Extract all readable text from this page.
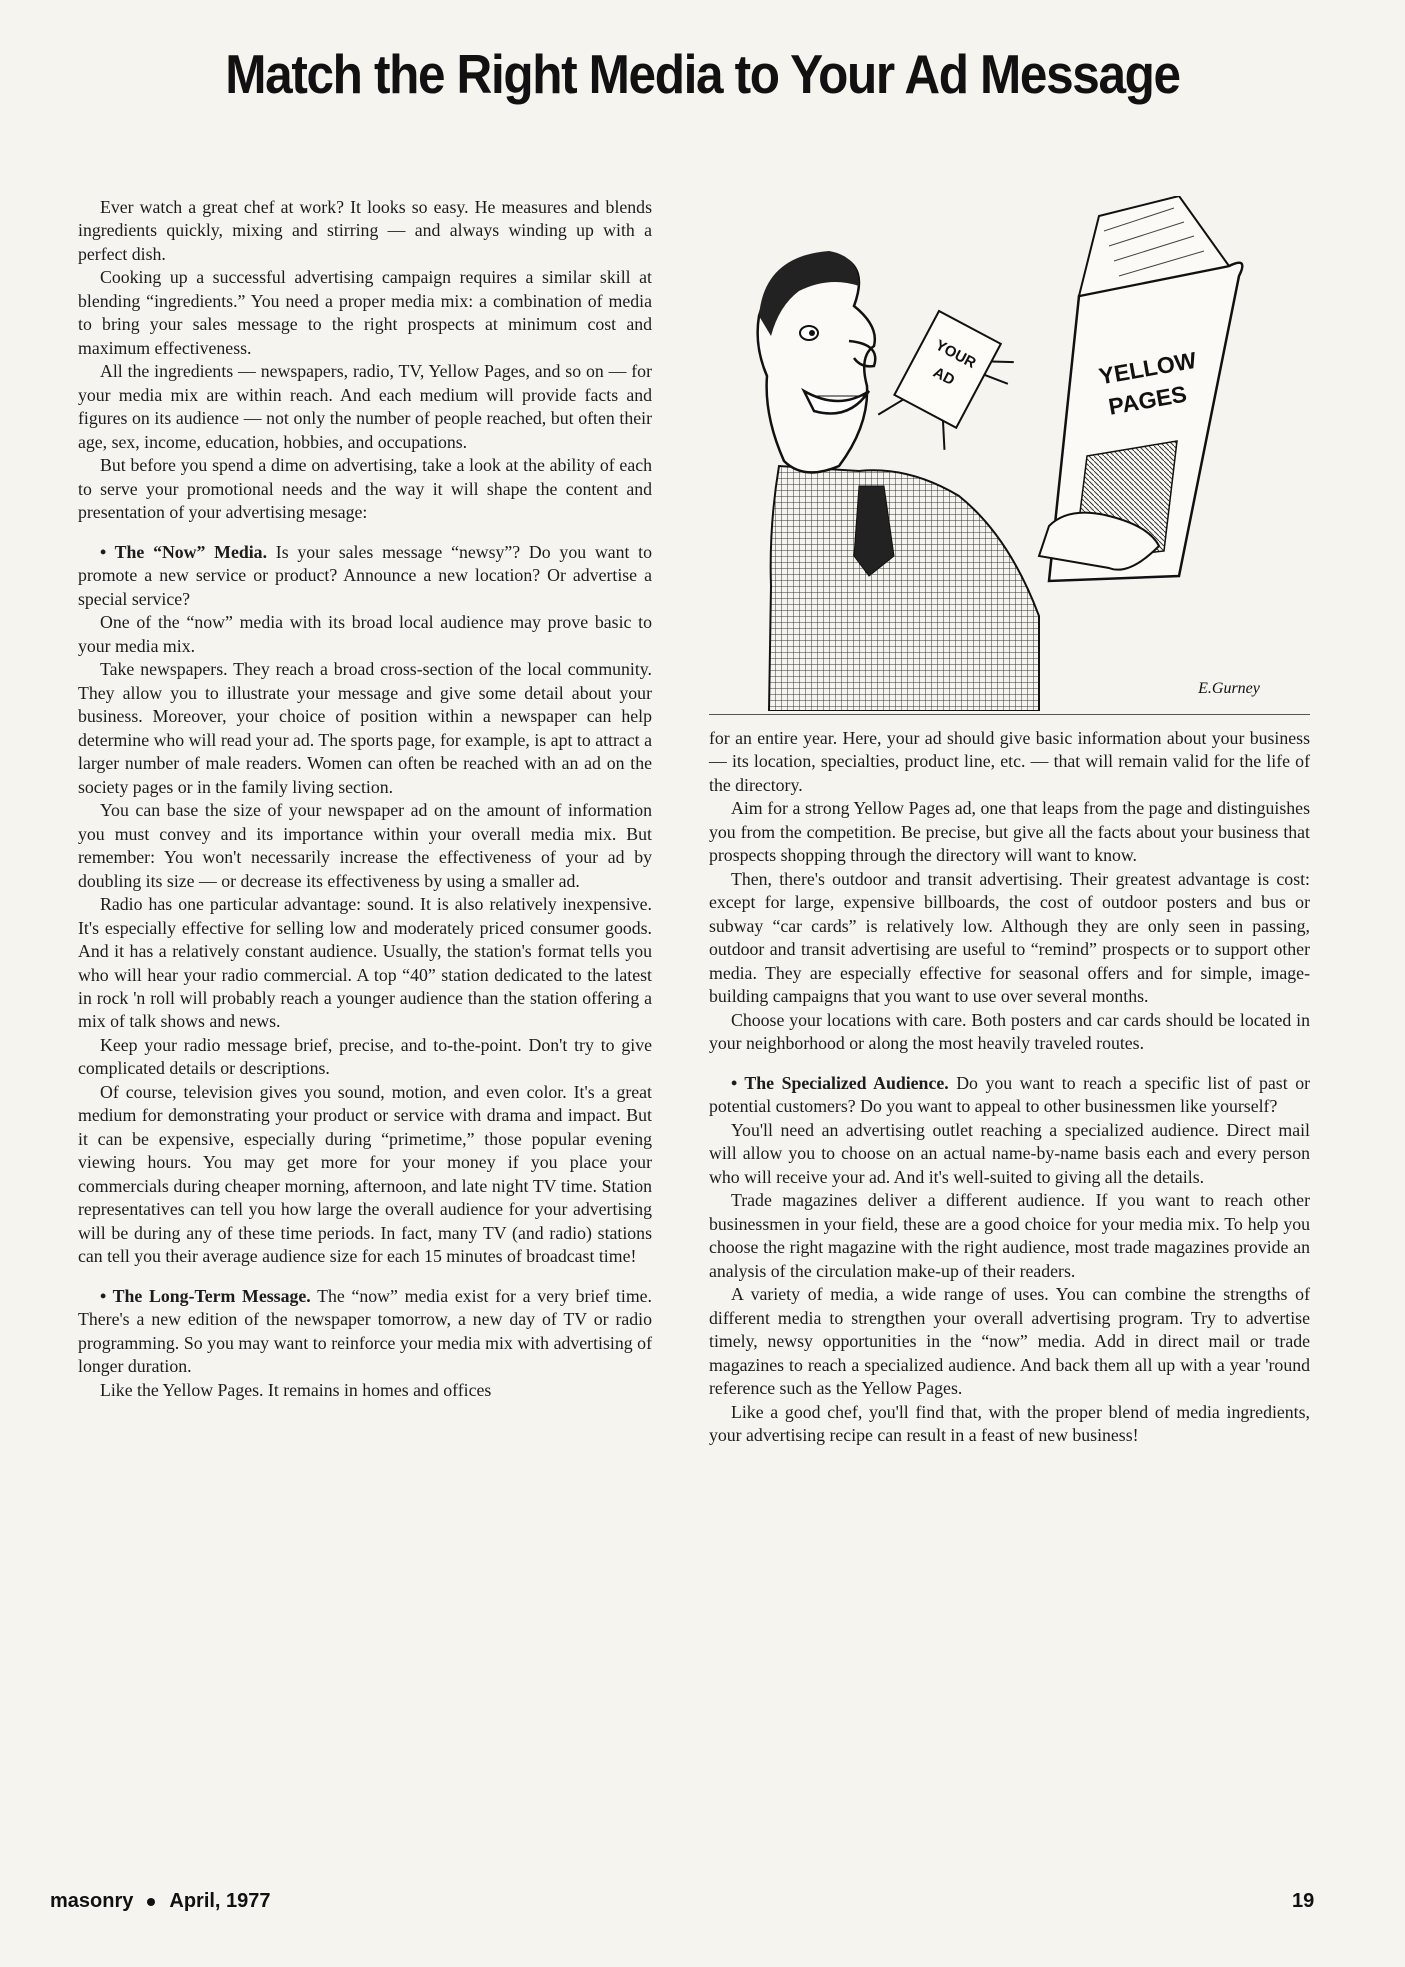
Match the Right Media to Your Ad Message

Ever watch a great chef at work? It looks so easy. He measures and blends ingredients quickly, mixing and stirring — and always winding up with a perfect dish.

Cooking up a successful advertising campaign requires a similar skill at blending “ingredients.” You need a proper media mix: a combination of media to bring your sales message to the right prospects at minimum cost and maximum effectiveness.

All the ingredients — newspapers, radio, TV, Yellow Pages, and so on — for your media mix are within reach. And each medium will provide facts and figures on its audience — not only the number of people reached, but often their age, sex, income, education, hobbies, and occupations.

But before you spend a dime on advertising, take a look at the ability of each to serve your promotional needs and the way it will shape the content and presentation of your advertising mesage:

• The “Now” Media. Is your sales message “newsy”? Do you want to promote a new service or product? Announce a new location? Or advertise a special service?

One of the “now” media with its broad local audience may prove basic to your media mix.

Take newspapers. They reach a broad cross-section of the local community. They allow you to illustrate your message and give some detail about your business. Moreover, your choice of position within a newspaper can help determine who will read your ad. The sports page, for example, is apt to attract a larger number of male readers. Women can often be reached with an ad on the society pages or in the family living section.

You can base the size of your newspaper ad on the amount of information you must convey and its importance within your overall media mix. But remember: You won't necessarily increase the effectiveness of your ad by doubling its size — or decrease its effectiveness by using a smaller ad.

Radio has one particular advantage: sound. It is also relatively inexpensive. It's especially effective for selling low and moderately priced consumer goods. And it has a relatively constant audience. Usually, the station's format tells you who will hear your radio commercial. A top “40” station dedicated to the latest in rock 'n roll will probably reach a younger audience than the station offering a mix of talk shows and news.

Keep your radio message brief, precise, and to-the-point. Don't try to give complicated details or descriptions.

Of course, television gives you sound, motion, and even color. It's a great medium for demonstrating your product or service with drama and impact. But it can be expensive, especially during “primetime,” those popular evening viewing hours. You may get more for your money if you place your commercials during cheaper morning, afternoon, and late night TV time. Station representatives can tell you how large the overall audience for your advertising will be during any of these time periods. In fact, many TV (and radio) stations can tell you their average audience size for each 15 minutes of broadcast time!

• The Long-Term Message. The “now” media exist for a very brief time. There's a new edition of the newspaper tomorrow, a new day of TV or radio programming. So you may want to reinforce your media mix with advertising of longer duration.

Like the Yellow Pages. It remains in homes and offices

YOUR
AD	YELLOW
PAGES
E.Gurney

for an entire year. Here, your ad should give basic information about your business — its location, specialties, product line, etc. — that will remain valid for the life of the directory.

Aim for a strong Yellow Pages ad, one that leaps from the page and distinguishes you from the competition. Be precise, but give all the facts about your business that prospects shopping through the directory will want to know.

Then, there's outdoor and transit advertising. Their greatest advantage is cost: except for large, expensive billboards, the cost of outdoor posters and bus or subway “car cards” is relatively low. Although they are only seen in passing, outdoor and transit advertising are useful to “remind” prospects or to support other media. They are especially effective for seasonal offers and for simple, image-building campaigns that you want to use over several months.

Choose your locations with care. Both posters and car cards should be located in your neighborhood or along the most heavily traveled routes.

• The Specialized Audience. Do you want to reach a specific list of past or potential customers? Do you want to appeal to other businessmen like yourself?

You'll need an advertising outlet reaching a specialized audience. Direct mail will allow you to choose on an actual name-by-name basis each and every person who will receive your ad. And it's well-suited to giving all the details.

Trade magazines deliver a different audience. If you want to reach other businessmen in your field, these are a good choice for your media mix. To help you choose the right magazine with the right audience, most trade magazines provide an analysis of the circulation make-up of their readers.

A variety of media, a wide range of uses. You can combine the strengths of different media to strengthen your overall advertising program. Try to advertise timely, newsy opportunities in the “now” media. Add in direct mail or trade magazines to reach a specialized audience. And back them all up with a year 'round reference such as the Yellow Pages.

Like a good chef, you'll find that, with the proper blend of media ingredients, your advertising recipe can result in a feast of new business!

masonry April, 1977	19
